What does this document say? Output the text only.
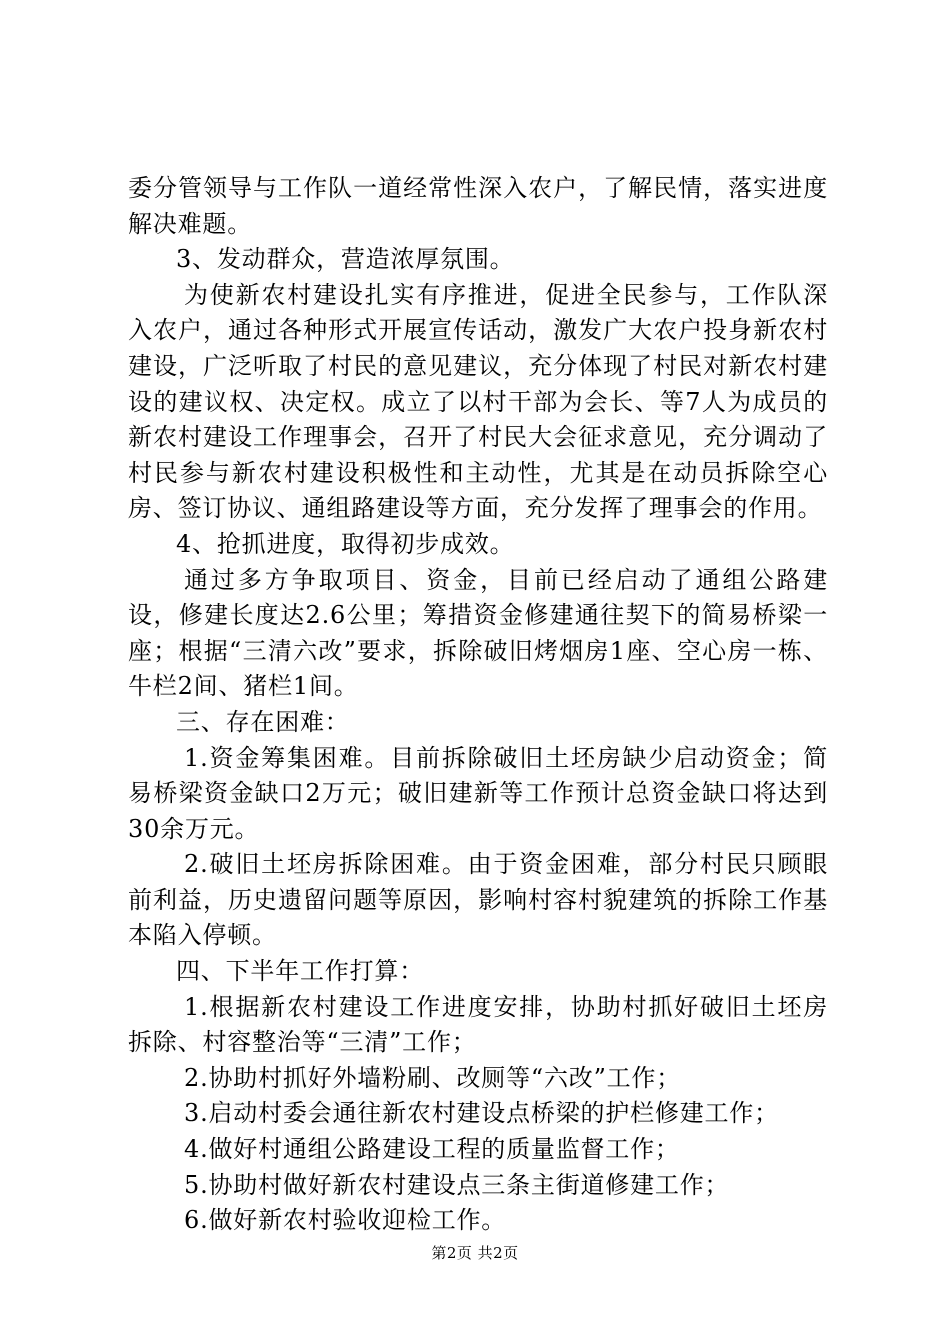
委分管领导与工作队一道经常性深入农户，了解民情，落实进度解决难题。

3、发动群众，营造浓厚氛围。

为使新农村建设扎实有序推进，促进全民参与，工作队深入农户，通过各种形式开展宣传话动，激发广大农户投身新农村建设，广泛听取了村民的意见建议，充分体现了村民对新农村建设的建议权、决定权。成立了以村干部为会长、等7人为成员的新农村建设工作理事会，召开了村民大会征求意见，充分调动了村民参与新农村建设积极性和主动性，尤其是在动员拆除空心房、签订协议、通组路建设等方面，充分发挥了理事会的作用。

4、抢抓进度，取得初步成效。

通过多方争取项目、资金，目前已经启动了通组公路建设，修建长度达2.6公里；筹措资金修建通往契下的简易桥梁一座；根据“三清六改”要求，拆除破旧烤烟房1座、空心房一栋、牛栏2间、猪栏1间。

三、存在困难：

1.资金筹集困难。目前拆除破旧土坯房缺少启动资金；简易桥梁资金缺口2万元；破旧建新等工作预计总资金缺口将达到30余万元。

2.破旧土坯房拆除困难。由于资金困难，部分村民只顾眼前利益，历史遗留问题等原因，影响村容村貌建筑的拆除工作基本陷入停顿。

四、下半年工作打算：

1.根据新农村建设工作进度安排，协助村抓好破旧土坯房拆除、村容整治等“三清”工作；

2.协助村抓好外墙粉刷、改厕等“六改”工作；

3.启动村委会通往新农村建设点桥梁的护栏修建工作；

4.做好村通组公路建设工程的质量监督工作；

5.协助村做好新农村建设点三条主街道修建工作；

6.做好新农村验收迎检工作。

第2页 共2页
